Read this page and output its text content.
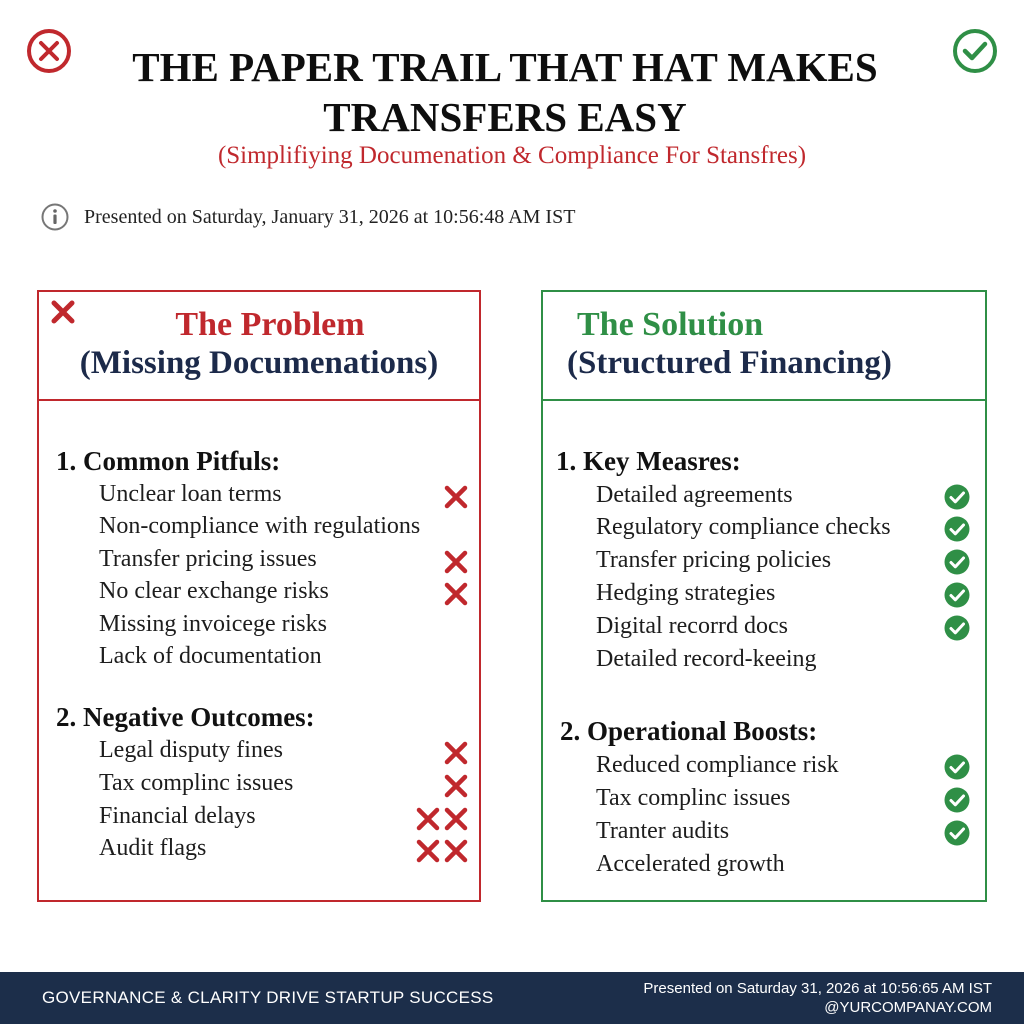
THE PAPER TRAIL THAT HAT MAKES
TRANSFERS EASY
(Simplifiying Documenation & Compliance For Stansfres)
Presented on Saturday, January 31, 2026 at 10:56:48 AM IST
The Problem
(Missing Documenations)
1. Common Pitfuls:
Unclear loan terms
Non-compliance with regulations
Transfer pricing issues
No clear exchange risks
Missing invoicege risks
Lack of documentation
2. Negative Outcomes:
Legal disputy fines
Tax complinc issues
Financial delays
Audit flags
The Solution
(Structured Financing)
1. Key Measres:
Detailed agreements
Regulatory compliance checks
Transfer pricing policies
Hedging strategies
Digital recorrd docs
Detailed record-keeing
2. Operational Boosts:
Reduced compliance risk
Tax complinc issues
Tranter audits
Accelerated growth
GOVERNANCE & CLARITY DRIVE STARTUP SUCCESS	Presented on Saturday 31, 2026 at 10:56:65 AM IST
@YURCOMPANAY.COM
